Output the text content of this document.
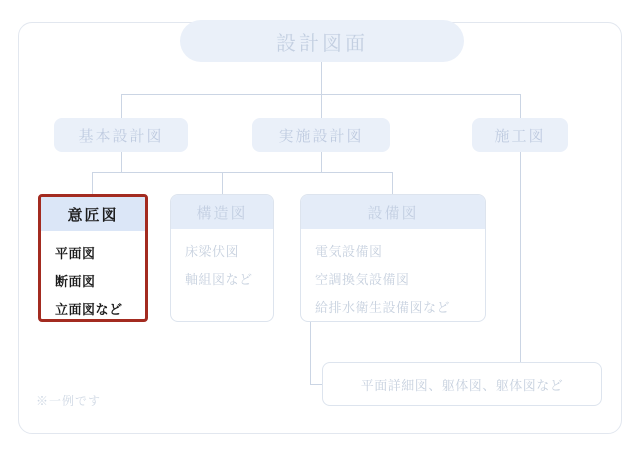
設計図面
基本設計図	実施設計図	施工図
意匠図
平面図
断面図
立面図など
構造図
床梁伏図
軸組図など
設備図
電気設備図
空調換気設備図
給排水衛生設備図など
平面詳細図、躯体図、躯体図など
※一例です
